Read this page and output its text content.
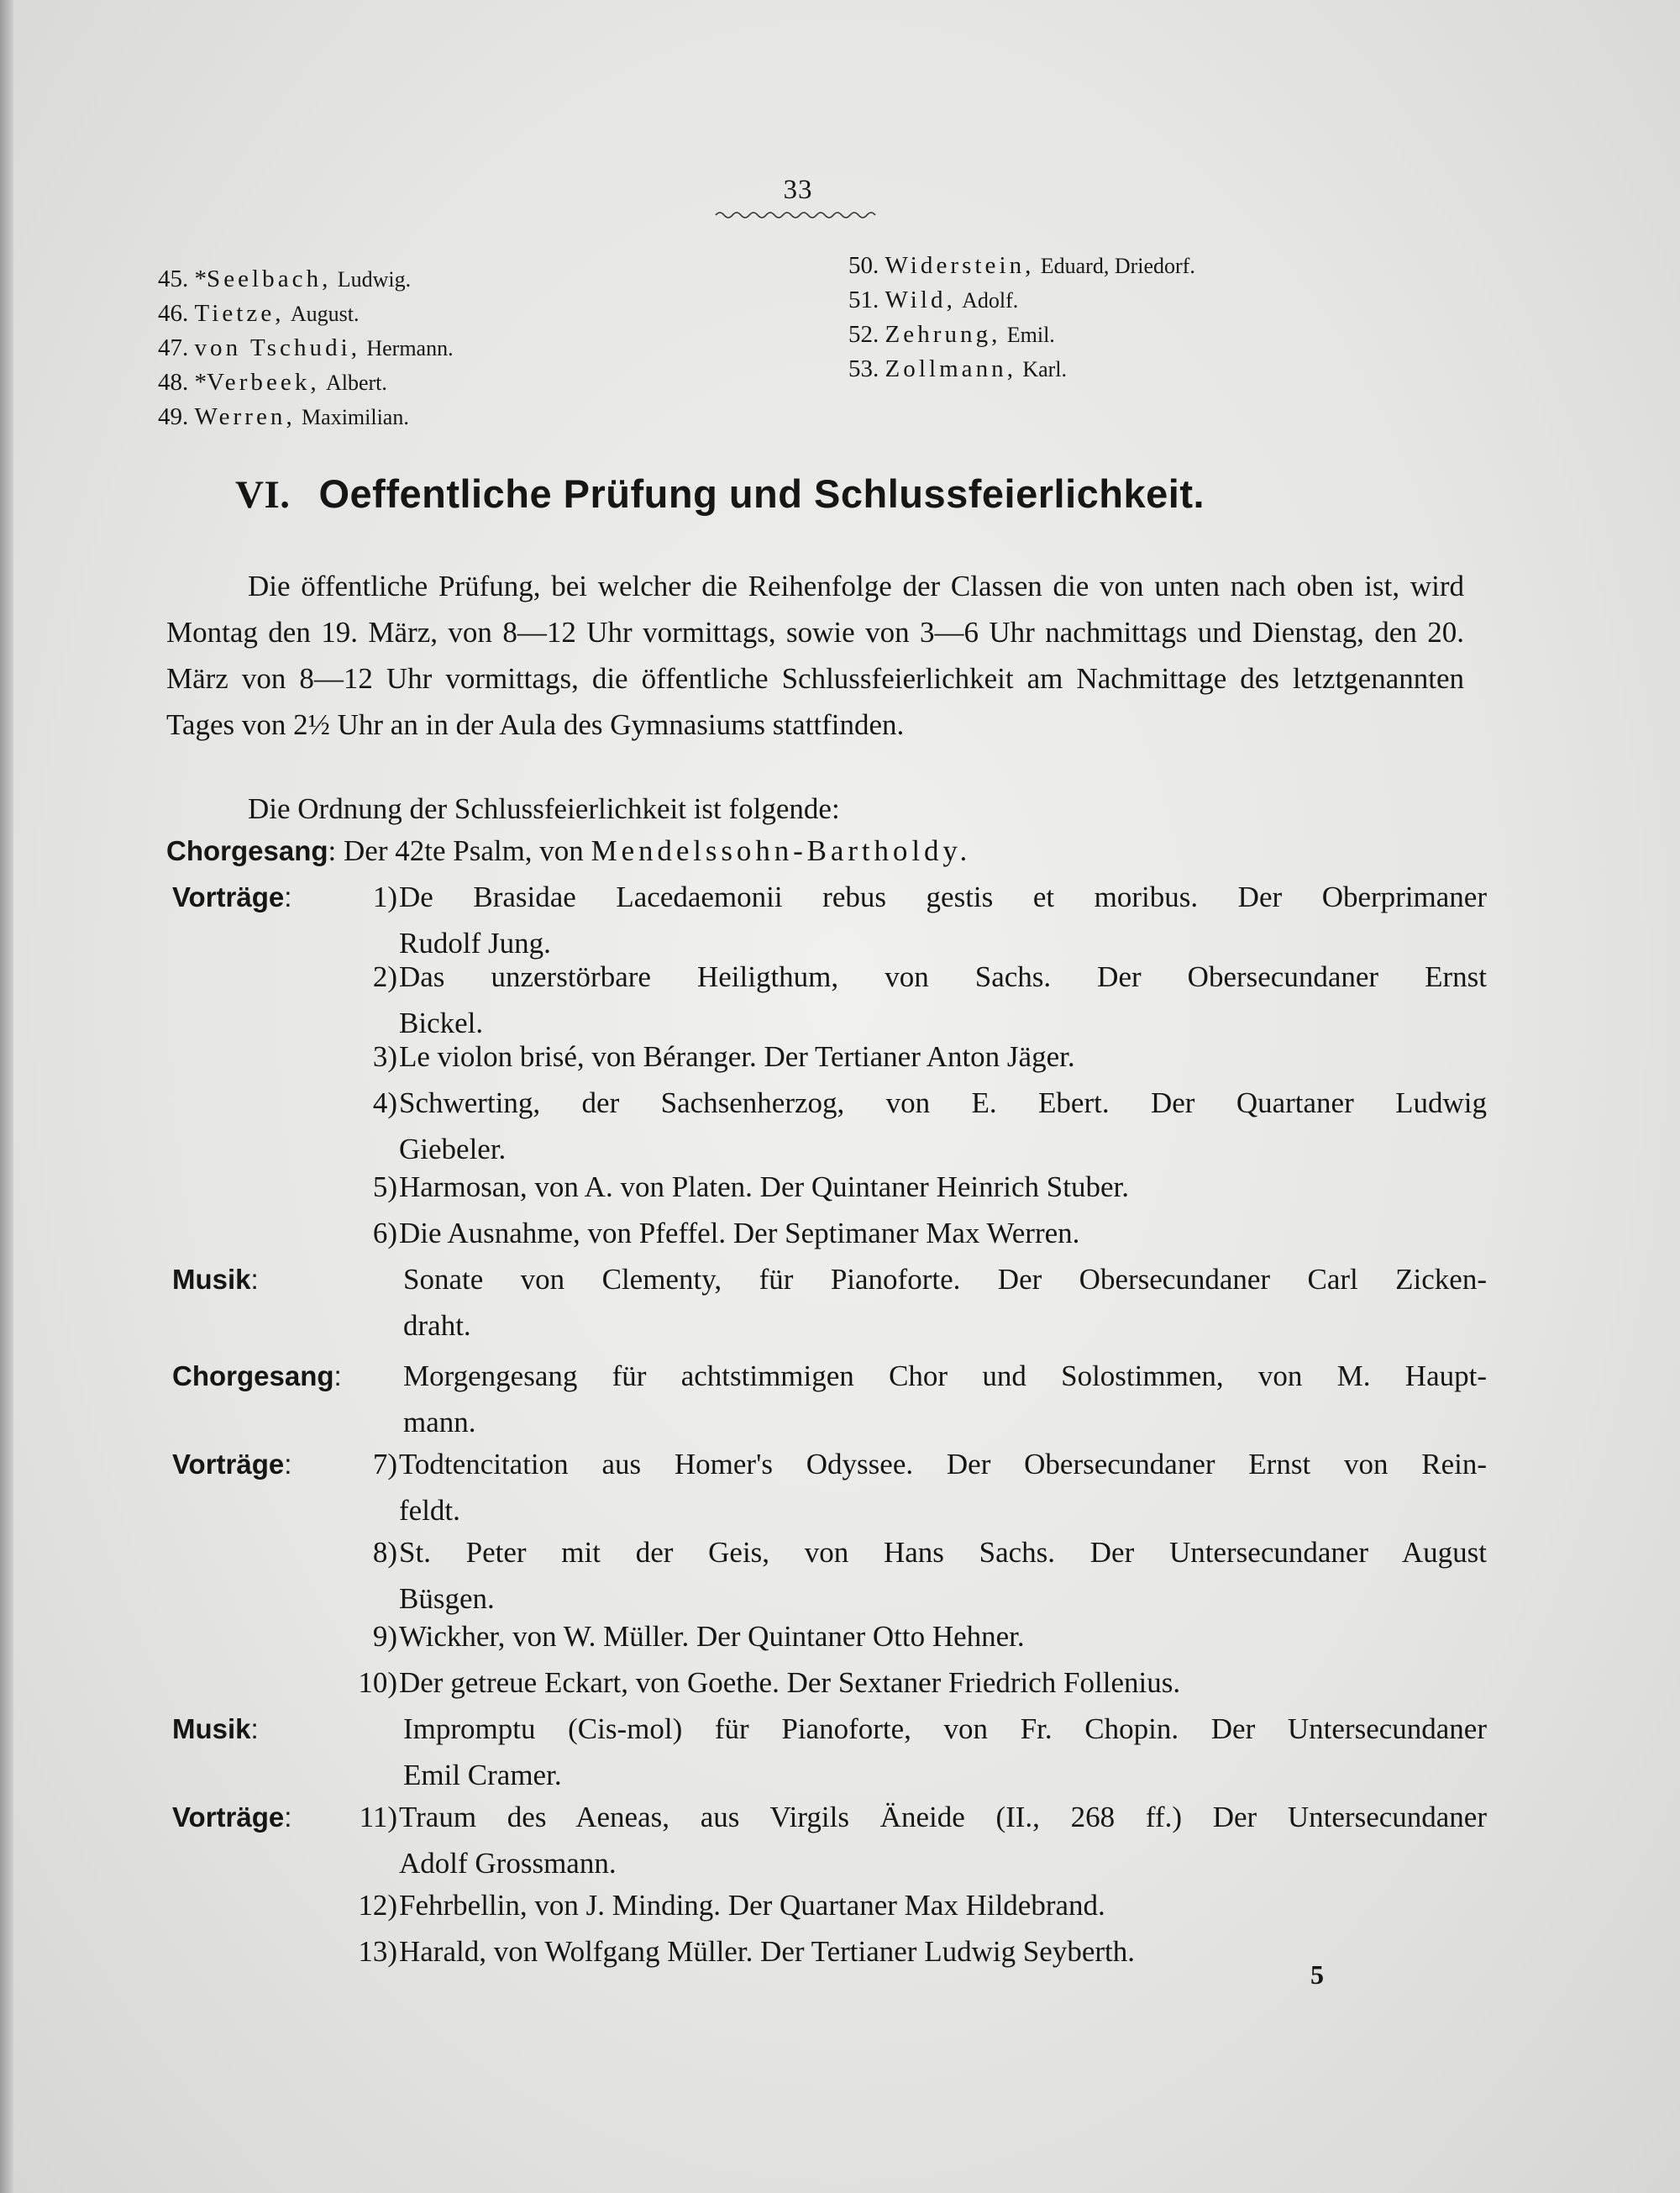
33
45. *Seelbach, Ludwig.
46. Tietze, August.
47. von Tschudi, Hermann.
48. *Verbeek, Albert.
49. Werren, Maximilian.
50. Widerstein, Eduard, Driedorf.
51. Wild, Adolf.
52. Zehrung, Emil.
53. Zollmann, Karl.
VI. Oeffentliche Prüfung und Schlussfeierlichkeit.

Die öffentliche Prüfung, bei welcher die Reihenfolge der Classen die von unten nach oben ist, wird Montag den 19. März, von 8—12 Uhr vormittags, sowie von 3—6 Uhr nachmittags und Dienstag, den 20. März von 8—12 Uhr vormittags, die öffentliche Schlussfeierlichkeit am Nachmittage des letztgenannten Tages von 2½ Uhr an in der Aula des Gymnasiums stattfinden.

Die Ordnung der Schlussfeierlichkeit ist folgende:

Chorgesang: Der 42te Psalm, von Mendelssohn-Bartholdy.
Vorträge:	1) De Brasidae Lacedaemonii rebus gestis et moribus. Der Oberprimaner
Rudolf Jung.
2) Das unzerstörbare Heiligthum, von Sachs. Der Obersecundaner Ernst
Bickel.
3) Le violon brisé, von Béranger. Der Tertianer Anton Jäger.
4) Schwerting, der Sachsenherzog, von E. Ebert. Der Quartaner Ludwig
Giebeler.
5) Harmosan, von A. von Platen. Der Quintaner Heinrich Stuber.
6) Die Ausnahme, von Pfeffel. Der Septimaner Max Werren.
Musik:	Sonate von Clementy, für Pianoforte. Der Obersecundaner Carl Zicken-
draht.
Chorgesang: Morgengesang für achtstimmigen Chor und Solostimmen, von M. Haupt-
mann.
Vorträge:	7) Todtencitation aus Homer's Odyssee. Der Obersecundaner Ernst von Rein-
feldt.
8) St. Peter mit der Geis, von Hans Sachs. Der Untersecundaner August
Büsgen.
9) Wickher, von W. Müller. Der Quintaner Otto Hehner.
10) Der getreue Eckart, von Goethe. Der Sextaner Friedrich Follenius.
Musik:	Impromptu (Cis-mol) für Pianoforte, von Fr. Chopin. Der Untersecundaner
Emil Cramer.
Vorträge:	11) Traum des Aeneas, aus Virgils Äneide (II., 268 ff.) Der Untersecundaner
Adolf Grossmann.
12) Fehrbellin, von J. Minding. Der Quartaner Max Hildebrand.
13) Harald, von Wolfgang Müller. Der Tertianer Ludwig Seyberth.
5
